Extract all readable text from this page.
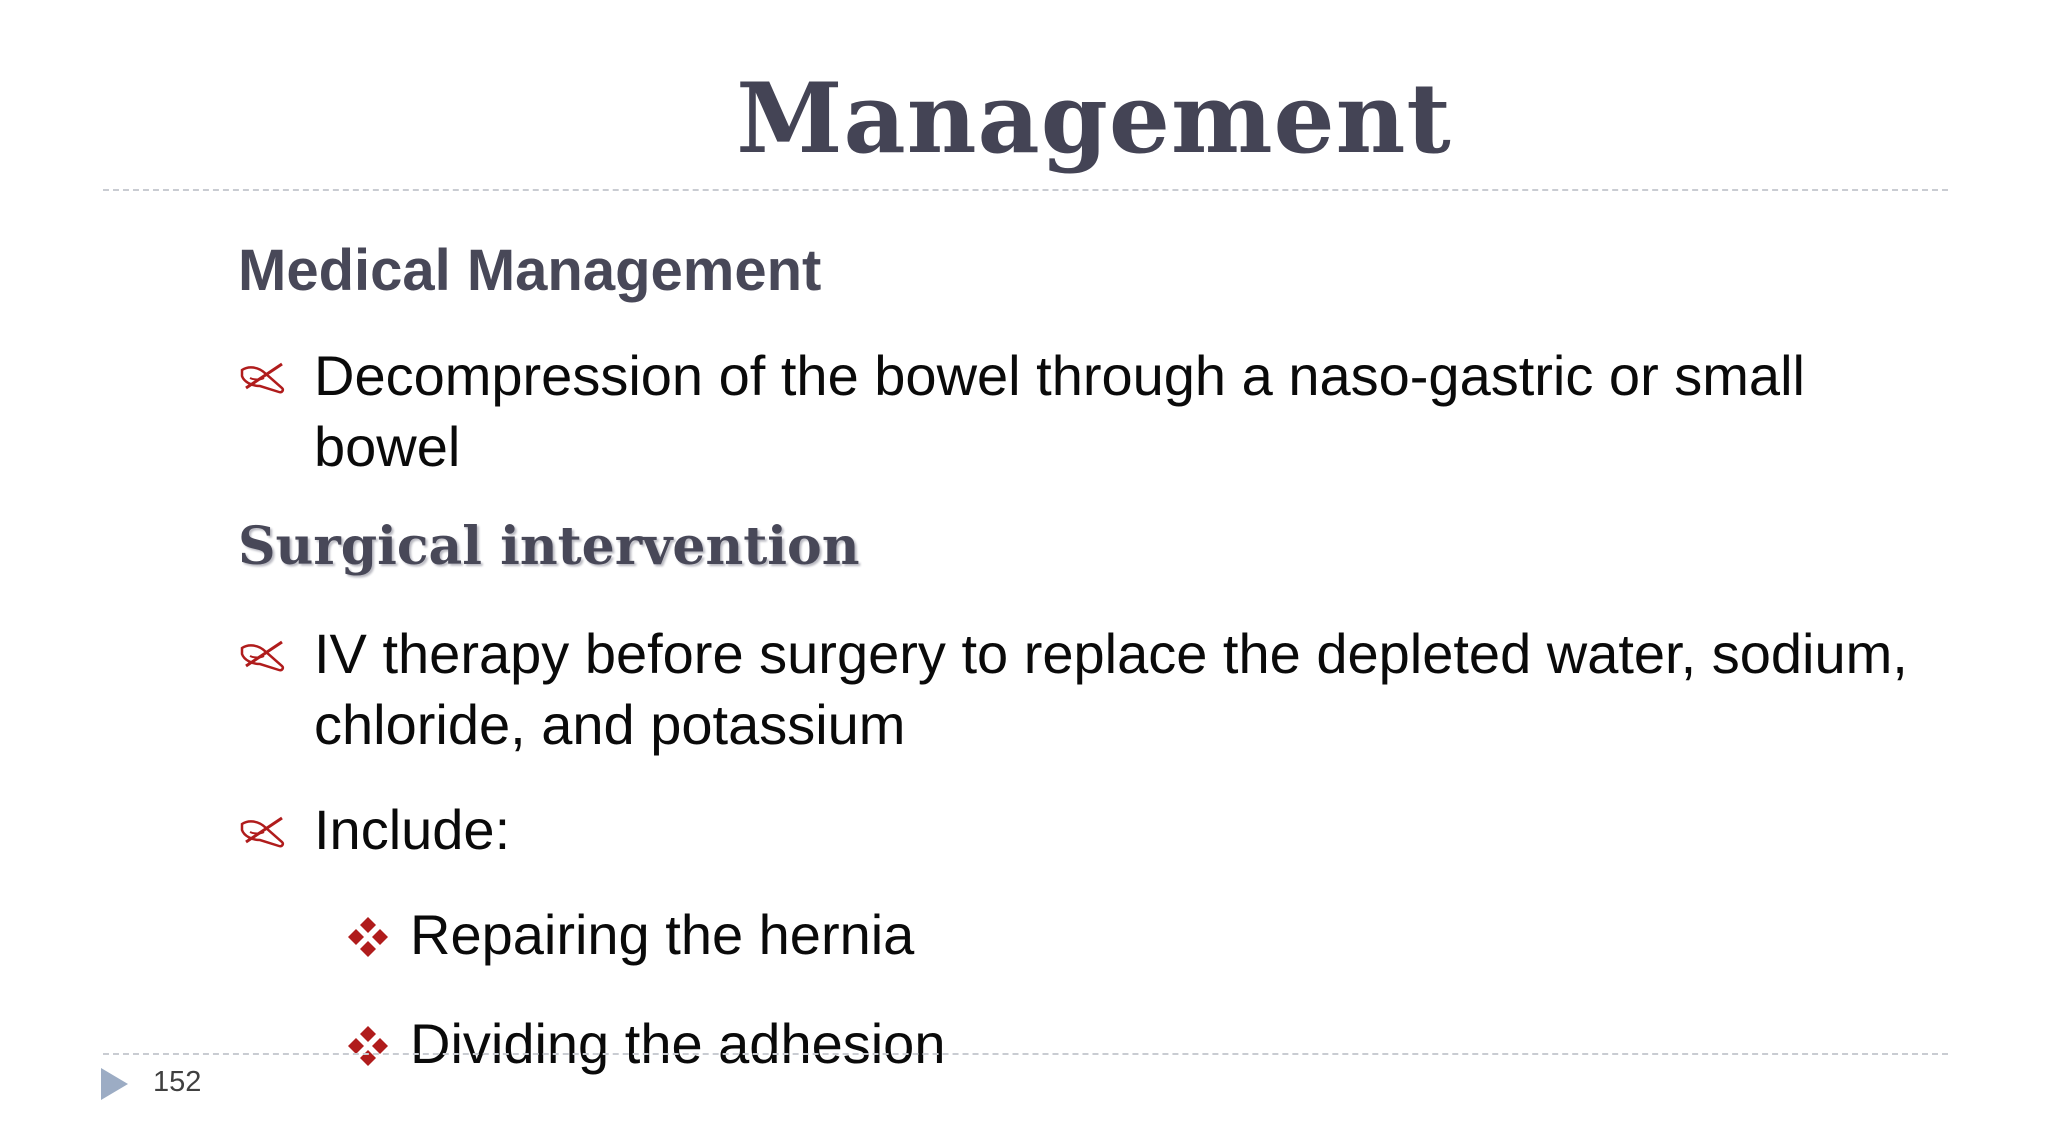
Management
Medical Management
Decompression of the bowel through a naso-gastric or small bowel
Surgical intervention
IV therapy before surgery to replace the depleted water, sodium, chloride, and potassium
Include:
Repairing the hernia
Dividing the adhesion
152
